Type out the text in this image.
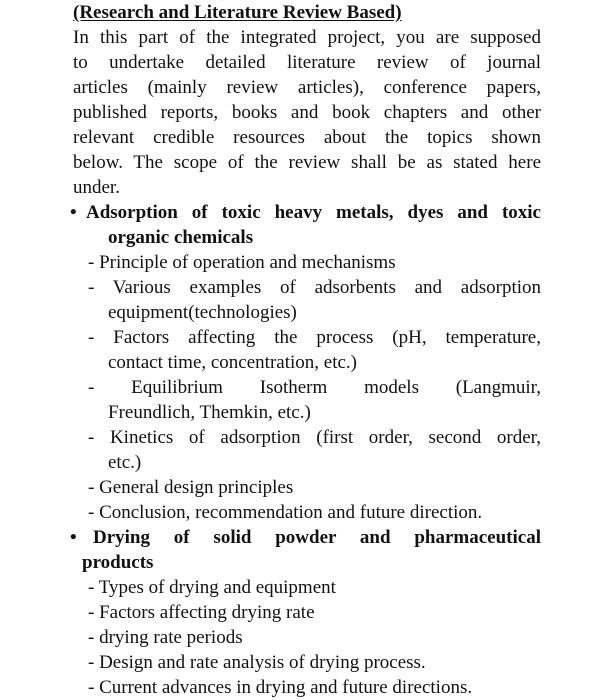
(Research and Literature Review Based)
In this part of the integrated project, you are supposed
to undertake detailed literature review of journal
articles (mainly review articles), conference papers,
published reports, books and book chapters and other
relevant credible resources about the topics shown
below. The scope of the review shall be as stated here
under.
• Adsorption of toxic heavy metals, dyes and toxic
organic chemicals
- Principle of operation and mechanisms
- Various examples of adsorbents and adsorption
equipment(technologies)
- Factors affecting the process (pH, temperature,
contact time, concentration, etc.)
- Equilibrium Isotherm models (Langmuir,
Freundlich, Themkin, etc.)
- Kinetics of adsorption (first order, second order,
etc.)
- General design principles
- Conclusion, recommendation and future direction.
• Drying of solid powder and pharmaceutical
products
- Types of drying and equipment
- Factors affecting drying rate
- drying rate periods
- Design and rate analysis of drying process.
- Current advances in drying and future directions.
